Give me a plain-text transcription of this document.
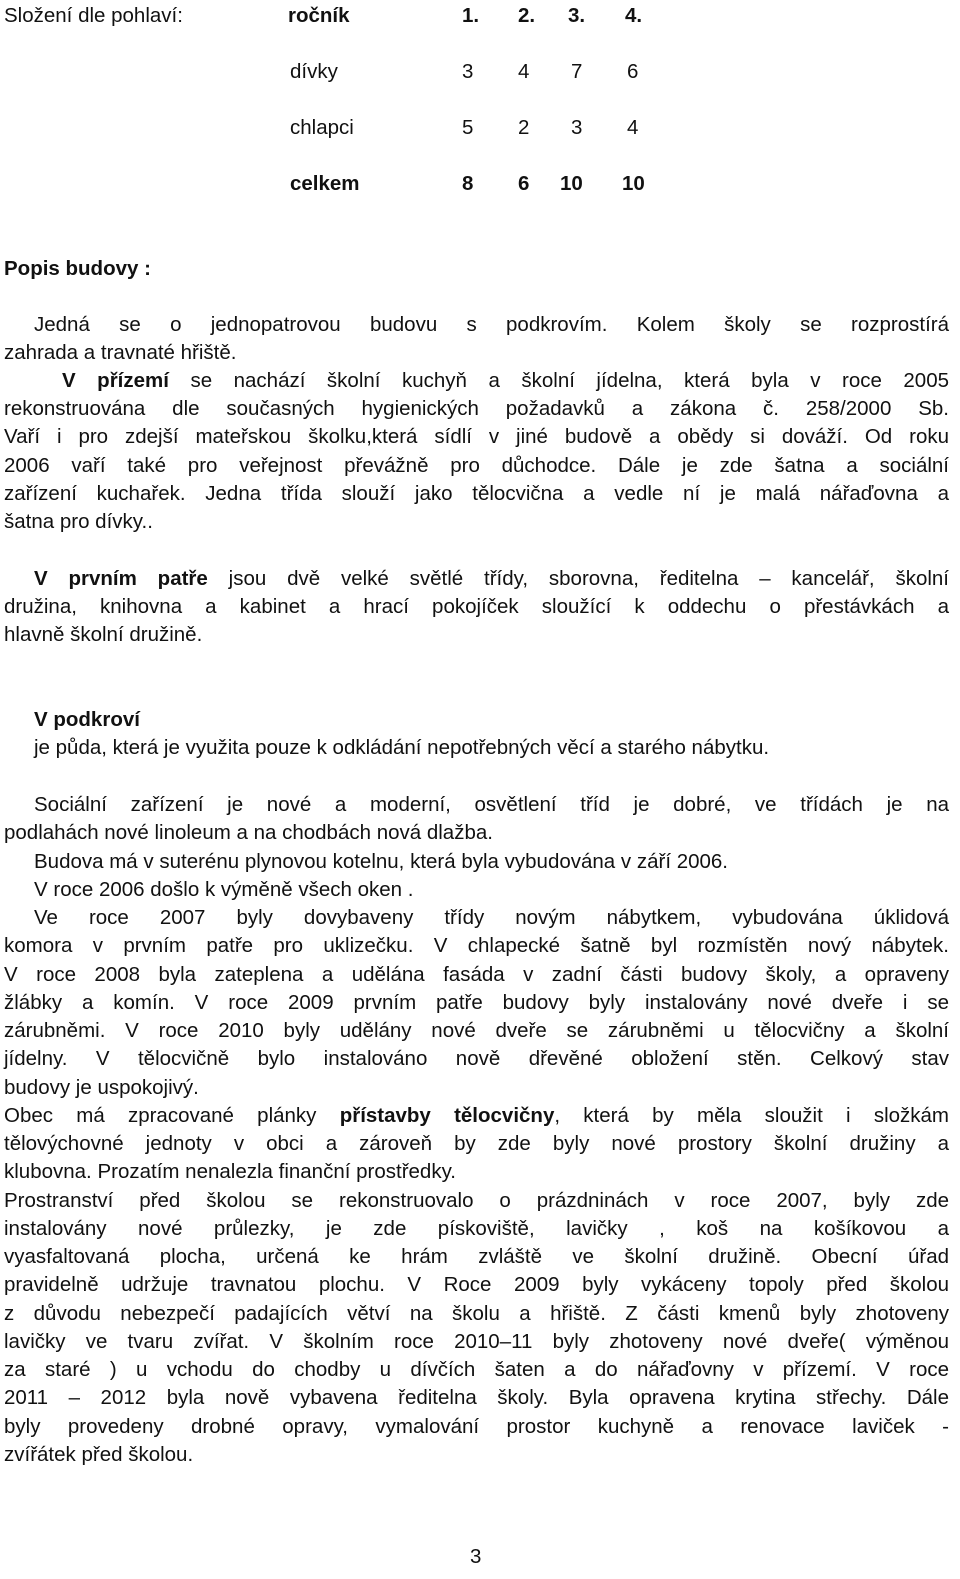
Složení dle pohlaví:	ročník	1. 2. 3. 4.
dívky	3 4 7 6
chlapci	5 2 3 4
celkem	8 6 10 10
Popis budovy :
Jedná se o jednopatrovou budovu s podkrovím. Kolem školy se rozprostírá
zahrada a travnaté hřiště.
V přízemí se nachází školní kuchyň a školní jídelna, která byla v roce 2005
rekonstruována dle současných hygienických požadavků a zákona č. 258/2000 Sb.
Vaří i pro zdejší mateřskou školku,která sídlí v jiné budově a obědy si dováží. Od roku
2006 vaří také pro veřejnost převážně pro důchodce. Dále je zde šatna a sociální
zařízení kuchařek. Jedna třída slouží jako tělocvična a vedle ní je malá nářaďovna a
šatna pro dívky..
V prvním patře jsou dvě velké světlé třídy, sborovna, ředitelna – kancelář, školní
družina, knihovna a kabinet a hrací pokojíček sloužící k oddechu o přestávkách a
hlavně školní družině.
V podkroví
je půda, která je využita pouze k odkládání nepotřebných věcí a starého nábytku.
Sociální zařízení je nové a moderní, osvětlení tříd je dobré, ve třídách je na
podlahách nové linoleum a na chodbách nová dlažba.
Budova má v suterénu plynovou kotelnu, která byla vybudována v září 2006.
V roce 2006 došlo k výměně všech oken .
Ve roce 2007 byly dovybaveny třídy novým nábytkem, vybudována úklidová
komora v prvním patře pro uklizečku. V chlapecké šatně byl rozmístěn nový nábytek.
V roce 2008 byla zateplena a udělána fasáda v zadní části budovy školy, a opraveny
žlábky a komín. V roce 2009 prvním patře budovy byly instalovány nové dveře i se
zárubněmi. V roce 2010 byly udělány nové dveře se zárubněmi u tělocvičny a školní
jídelny. V tělocvičně bylo instalováno nově dřevěné obložení stěn. Celkový stav
budovy je uspokojivý.
Obec má zpracované plánky přístavby tělocvičny, která by měla sloužit i složkám
tělovýchovné jednoty v obci a zároveň by zde byly nové prostory školní družiny a
klubovna. Prozatím nenalezla finanční prostředky.
Prostranství před školou se rekonstruovalo o prázdninách v roce 2007, byly zde
instalovány nové průlezky, je zde pískoviště, lavičky , koš na košíkovou a
vyasfaltovaná plocha, určená ke hrám zvláště ve školní družině. Obecní úřad
pravidelně udržuje travnatou plochu. V Roce 2009 byly vykáceny topoly před školou
z důvodu nebezpečí padajících větví na školu a hřiště. Z části kmenů byly zhotoveny
lavičky ve tvaru zvířat. V školním roce 2010–11 byly zhotoveny nové dveře( výměnou
za staré ) u vchodu do chodby u dívčích šaten a do nářaďovny v přízemí. V roce
2011 – 2012 byla nově vybavena ředitelna školy. Byla opravena krytina střechy. Dále
byly provedeny drobné opravy, vymalování prostor kuchyně a renovace laviček -
zvířátek před školou.
3
